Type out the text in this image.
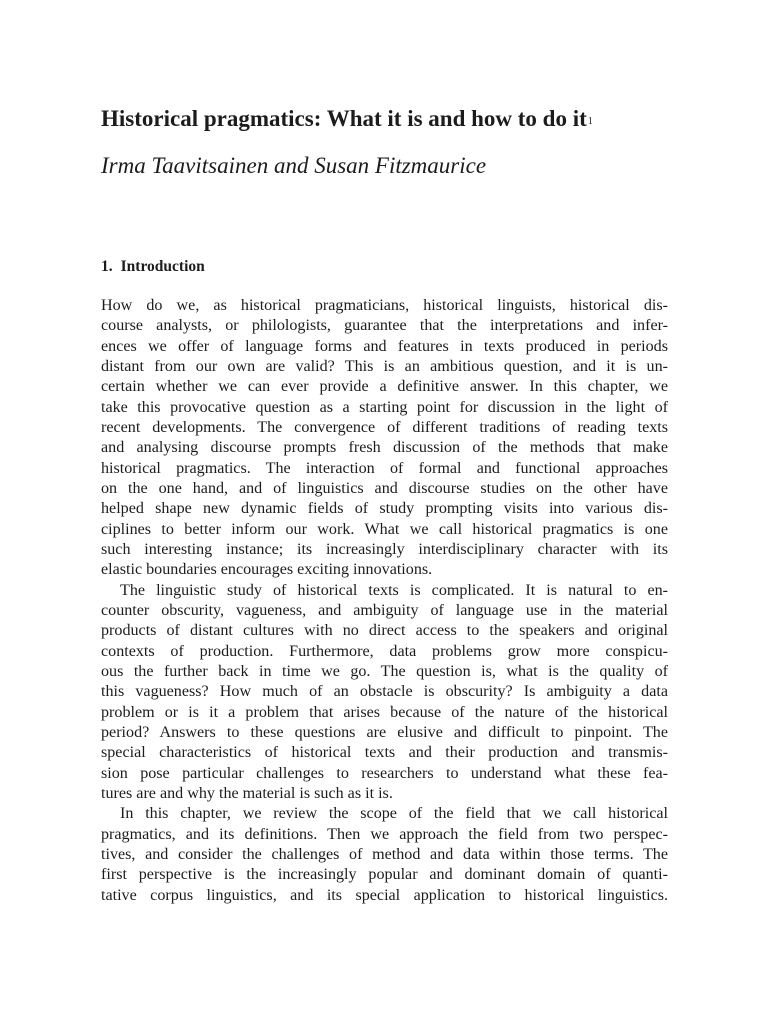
Historical pragmatics: What it is and how to do $it^1$

Irma Taavitsainen and Susan Fitzmaurice

1. Introduction
How do we, as historical pragmaticians, historical linguists, historical dis-
course analysts, or philologists, guarantee that the interpretations and infer-
ences we offer of language forms and features in texts produced in periods
distant from our own are valid? This is an ambitious question, and it is un-
certain whether we can ever provide a definitive answer. In this chapter, we
take this provocative question as a starting point for discussion in the light of
recent developments. The convergence of different traditions of reading texts
and analysing discourse prompts fresh discussion of the methods that make
historical pragmatics. The interaction of formal and functional approaches
on the one hand, and of linguistics and discourse studies on the other have
helped shape new dynamic fields of study prompting visits into various dis-
ciplines to better inform our work. What we call historical pragmatics is one
such interesting instance; its increasingly interdisciplinary character with its
elastic boundaries encourages exciting innovations.
The linguistic study of historical texts is complicated. It is natural to en-
counter obscurity, vagueness, and ambiguity of language use in the material
products of distant cultures with no direct access to the speakers and original
contexts of production. Furthermore, data problems grow more conspicu-
ous the further back in time we go. The question is, what is the quality of
this vagueness? How much of an obstacle is obscurity? Is ambiguity a data
problem or is it a problem that arises because of the nature of the historical
period? Answers to these questions are elusive and difficult to pinpoint. The
special characteristics of historical texts and their production and transmis-
sion pose particular challenges to researchers to understand what these fea-
tures are and why the material is such as it is.
In this chapter, we review the scope of the field that we call historical
pragmatics, and its definitions. Then we approach the field from two perspec-
tives, and consider the challenges of method and data within those terms. The
first perspective is the increasingly popular and dominant domain of quanti-
tative corpus linguistics, and its special application to historical linguistics.
